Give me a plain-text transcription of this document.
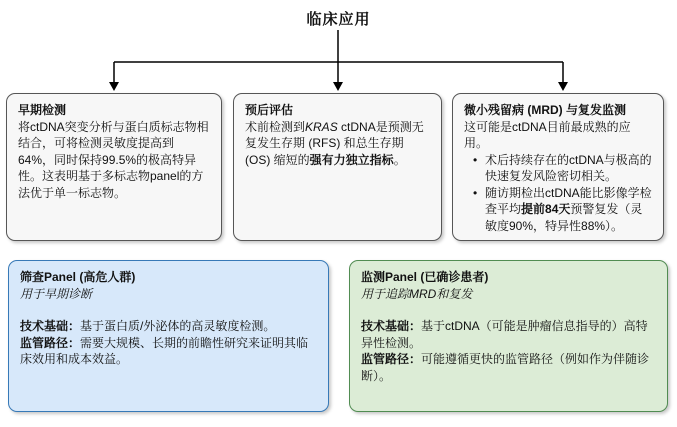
临床应用
早期检测
将ctDNA突变分析与蛋白质标志物相结合，可将检测灵敏度提高到64%，同时保持99.5%的极高特异性。这表明基于多标志物panel的方法优于单一标志物。
预后评估
术前检测到KRAS ctDNA是预测无复发生存期 (RFS) 和总生存期 (OS) 缩短的强有力独立指标。
微小残留病 (MRD) 与复发监测
这可能是ctDNA目前最成熟的应用。
• 术后持续存在的ctDNA与极高的快速复发风险密切相关。
• 随访期检出ctDNA能比影像学检查平均提前84天预警复发（灵敏度90%，特异性88%）。
筛查Panel (高危人群)
用于早期诊断
技术基础：基于蛋白质/外泌体的高灵敏度检测。
监管路径：需要大规模、长期的前瞻性研究来证明其临床效用和成本效益。
监测Panel (已确诊患者)
用于追踪MRD和复发
技术基础：基于ctDNA（可能是肿瘤信息指导的）高特异性检测。
监管路径：可能遵循更快的监管路径（例如作为伴随诊断）。
